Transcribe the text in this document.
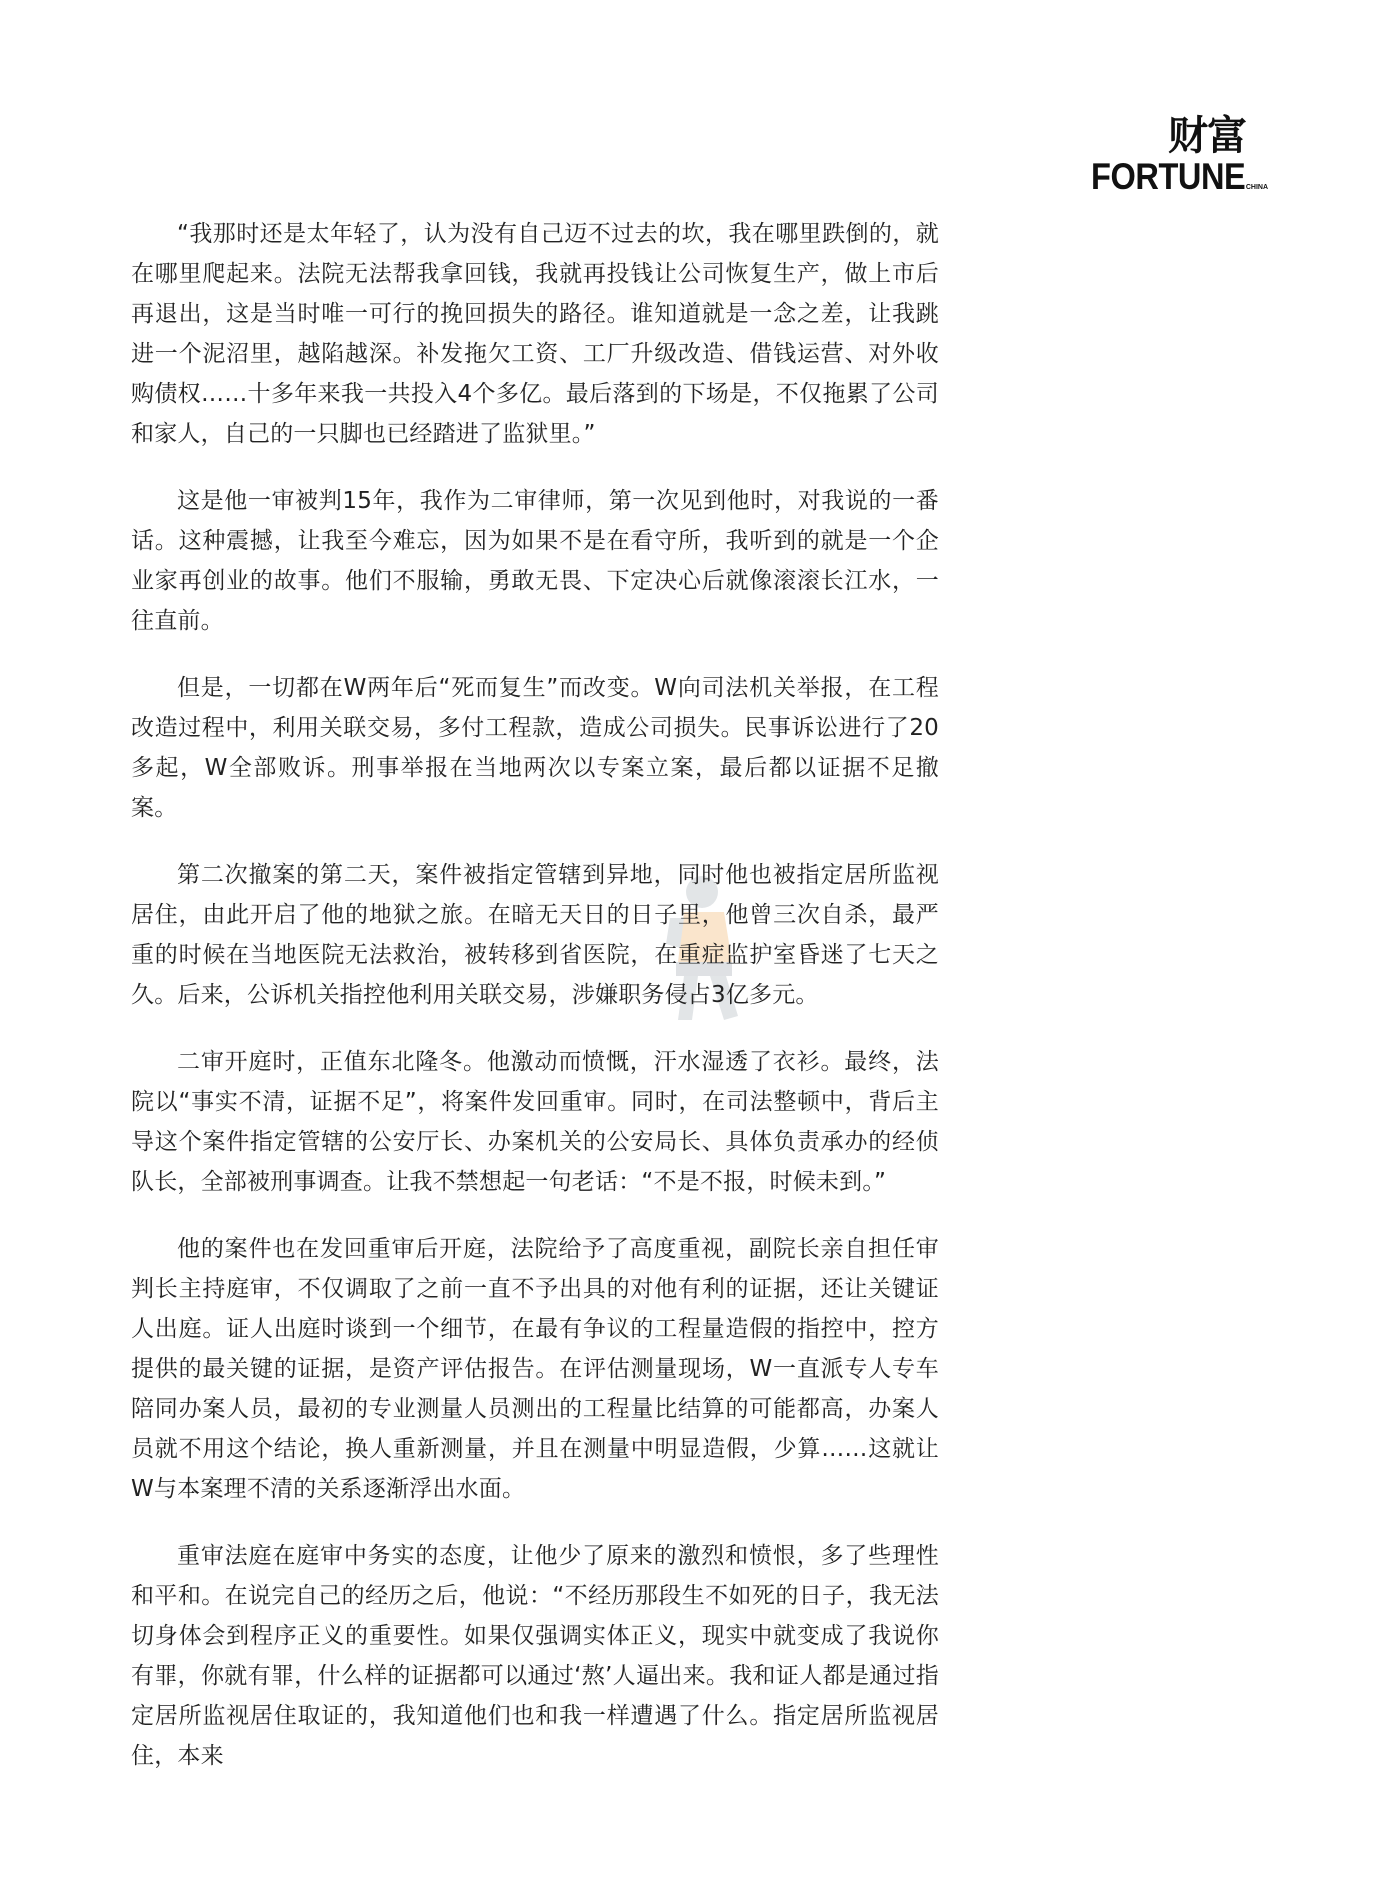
财富
FORTUNE CHINA

“我那时还是太年轻了，认为没有自己迈不过去的坎，我在哪里跌倒的，就在哪里爬起来。法院无法帮我拿回钱，我就再投钱让公司恢复生产，做上市后再退出，这是当时唯一可行的挽回损失的路径。谁知道就是一念之差，让我跳进一个泥沼里，越陷越深。补发拖欠工资、工厂升级改造、借钱运营、对外收购债权……十多年来我一共投入4个多亿。最后落到的下场是，不仅拖累了公司和家人，自己的一只脚也已经踏进了监狱里。”

这是他一审被判15年，我作为二审律师，第一次见到他时，对我说的一番话。这种震撼，让我至今难忘，因为如果不是在看守所，我听到的就是一个企业家再创业的故事。他们不服输，勇敢无畏、下定决心后就像滚滚长江水，一往直前。

但是，一切都在W两年后“死而复生”而改变。W向司法机关举报，在工程改造过程中，利用关联交易，多付工程款，造成公司损失。民事诉讼进行了20多起，W全部败诉。刑事举报在当地两次以专案立案，最后都以证据不足撤案。

第二次撤案的第二天，案件被指定管辖到异地，同时他也被指定居所监视居住，由此开启了他的地狱之旅。在暗无天日的日子里，他曾三次自杀，最严重的时候在当地医院无法救治，被转移到省医院，在重症监护室昏迷了七天之久。后来，公诉机关指控他利用关联交易，涉嫌职务侵占3亿多元。

二审开庭时，正值东北隆冬。他激动而愤慨，汗水湿透了衣衫。最终，法院以“事实不清，证据不足”，将案件发回重审。同时，在司法整顿中，背后主导这个案件指定管辖的公安厅长、办案机关的公安局长、具体负责承办的经侦队长，全部被刑事调查。让我不禁想起一句老话：“不是不报，时候未到。”

他的案件也在发回重审后开庭，法院给予了高度重视，副院长亲自担任审判长主持庭审，不仅调取了之前一直不予出具的对他有利的证据，还让关键证人出庭。证人出庭时谈到一个细节，在最有争议的工程量造假的指控中，控方提供的最关键的证据，是资产评估报告。在评估测量现场，W一直派专人专车陪同办案人员，最初的专业测量人员测出的工程量比结算的可能都高，办案人员就不用这个结论，换人重新测量，并且在测量中明显造假，少算……这就让W与本案理不清的关系逐渐浮出水面。

重审法庭在庭审中务实的态度，让他少了原来的激烈和愤恨，多了些理性和平和。在说完自己的经历之后，他说：“不经历那段生不如死的日子，我无法切身体会到程序正义的重要性。如果仅强调实体正义，现实中就变成了我说你有罪，你就有罪，什么样的证据都可以通过‘熬’人逼出来。我和证人都是通过指定居所监视居住取证的，我知道他们也和我一样遭遇了什么。指定居所监视居住，本来
